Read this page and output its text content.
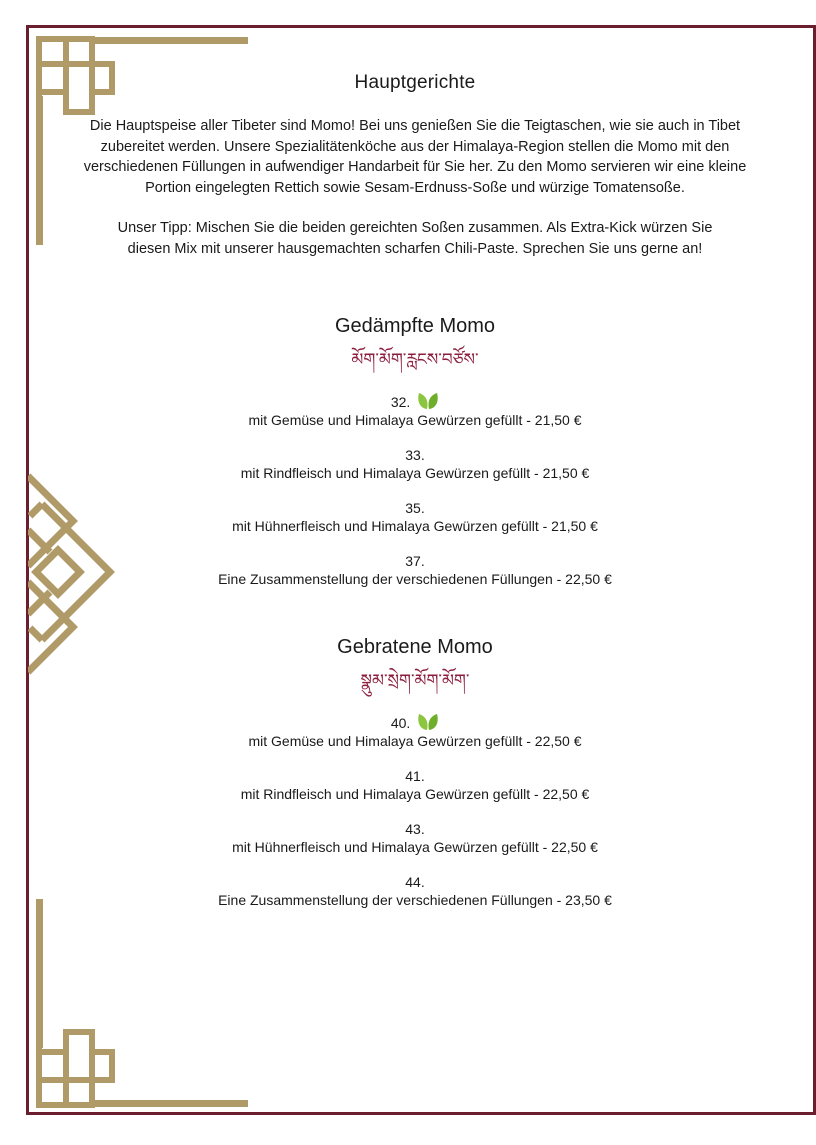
Hauptgerichte

Die Hauptspeise aller Tibeter sind Momo! Bei uns genießen Sie die Teigtaschen, wie sie auch in Tibet zubereitet werden. Unsere Spezialitätenköche aus der Himalaya-Region stellen die Momo mit den verschiedenen Füllungen in aufwendiger Handarbeit für Sie her. Zu den Momo servieren wir eine kleine Portion eingelegten Rettich sowie Sesam-Erdnuss-Soße und würzige Tomatensoße.

Unser Tipp: Mischen Sie die beiden gereichten Soßen zusammen. Als Extra-Kick würzen Sie diesen Mix mit unserer hausgemachten scharfen Chili-Paste. Sprechen Sie uns gerne an!

Gedämpfte Momo
མོག་མོག་རླངས་བཙོས་
32.
mit Gemüse und Himalaya Gewürzen gefüllt - 21,50 €
33.
mit Rindfleisch und Himalaya Gewürzen gefüllt - 21,50 €
35.
mit Hühnerfleisch und Himalaya Gewürzen gefüllt - 21,50 €
37.
Eine Zusammenstellung der verschiedenen Füllungen - 22,50 €
Gebratene Momo
སྣུམ་སྲེག་མོག་མོག་
40.
mit Gemüse und Himalaya Gewürzen gefüllt - 22,50 €
41.
mit Rindfleisch und Himalaya Gewürzen gefüllt - 22,50 €
43.
mit Hühnerfleisch und Himalaya Gewürzen gefüllt - 22,50 €
44.
Eine Zusammenstellung der verschiedenen Füllungen - 23,50 €
